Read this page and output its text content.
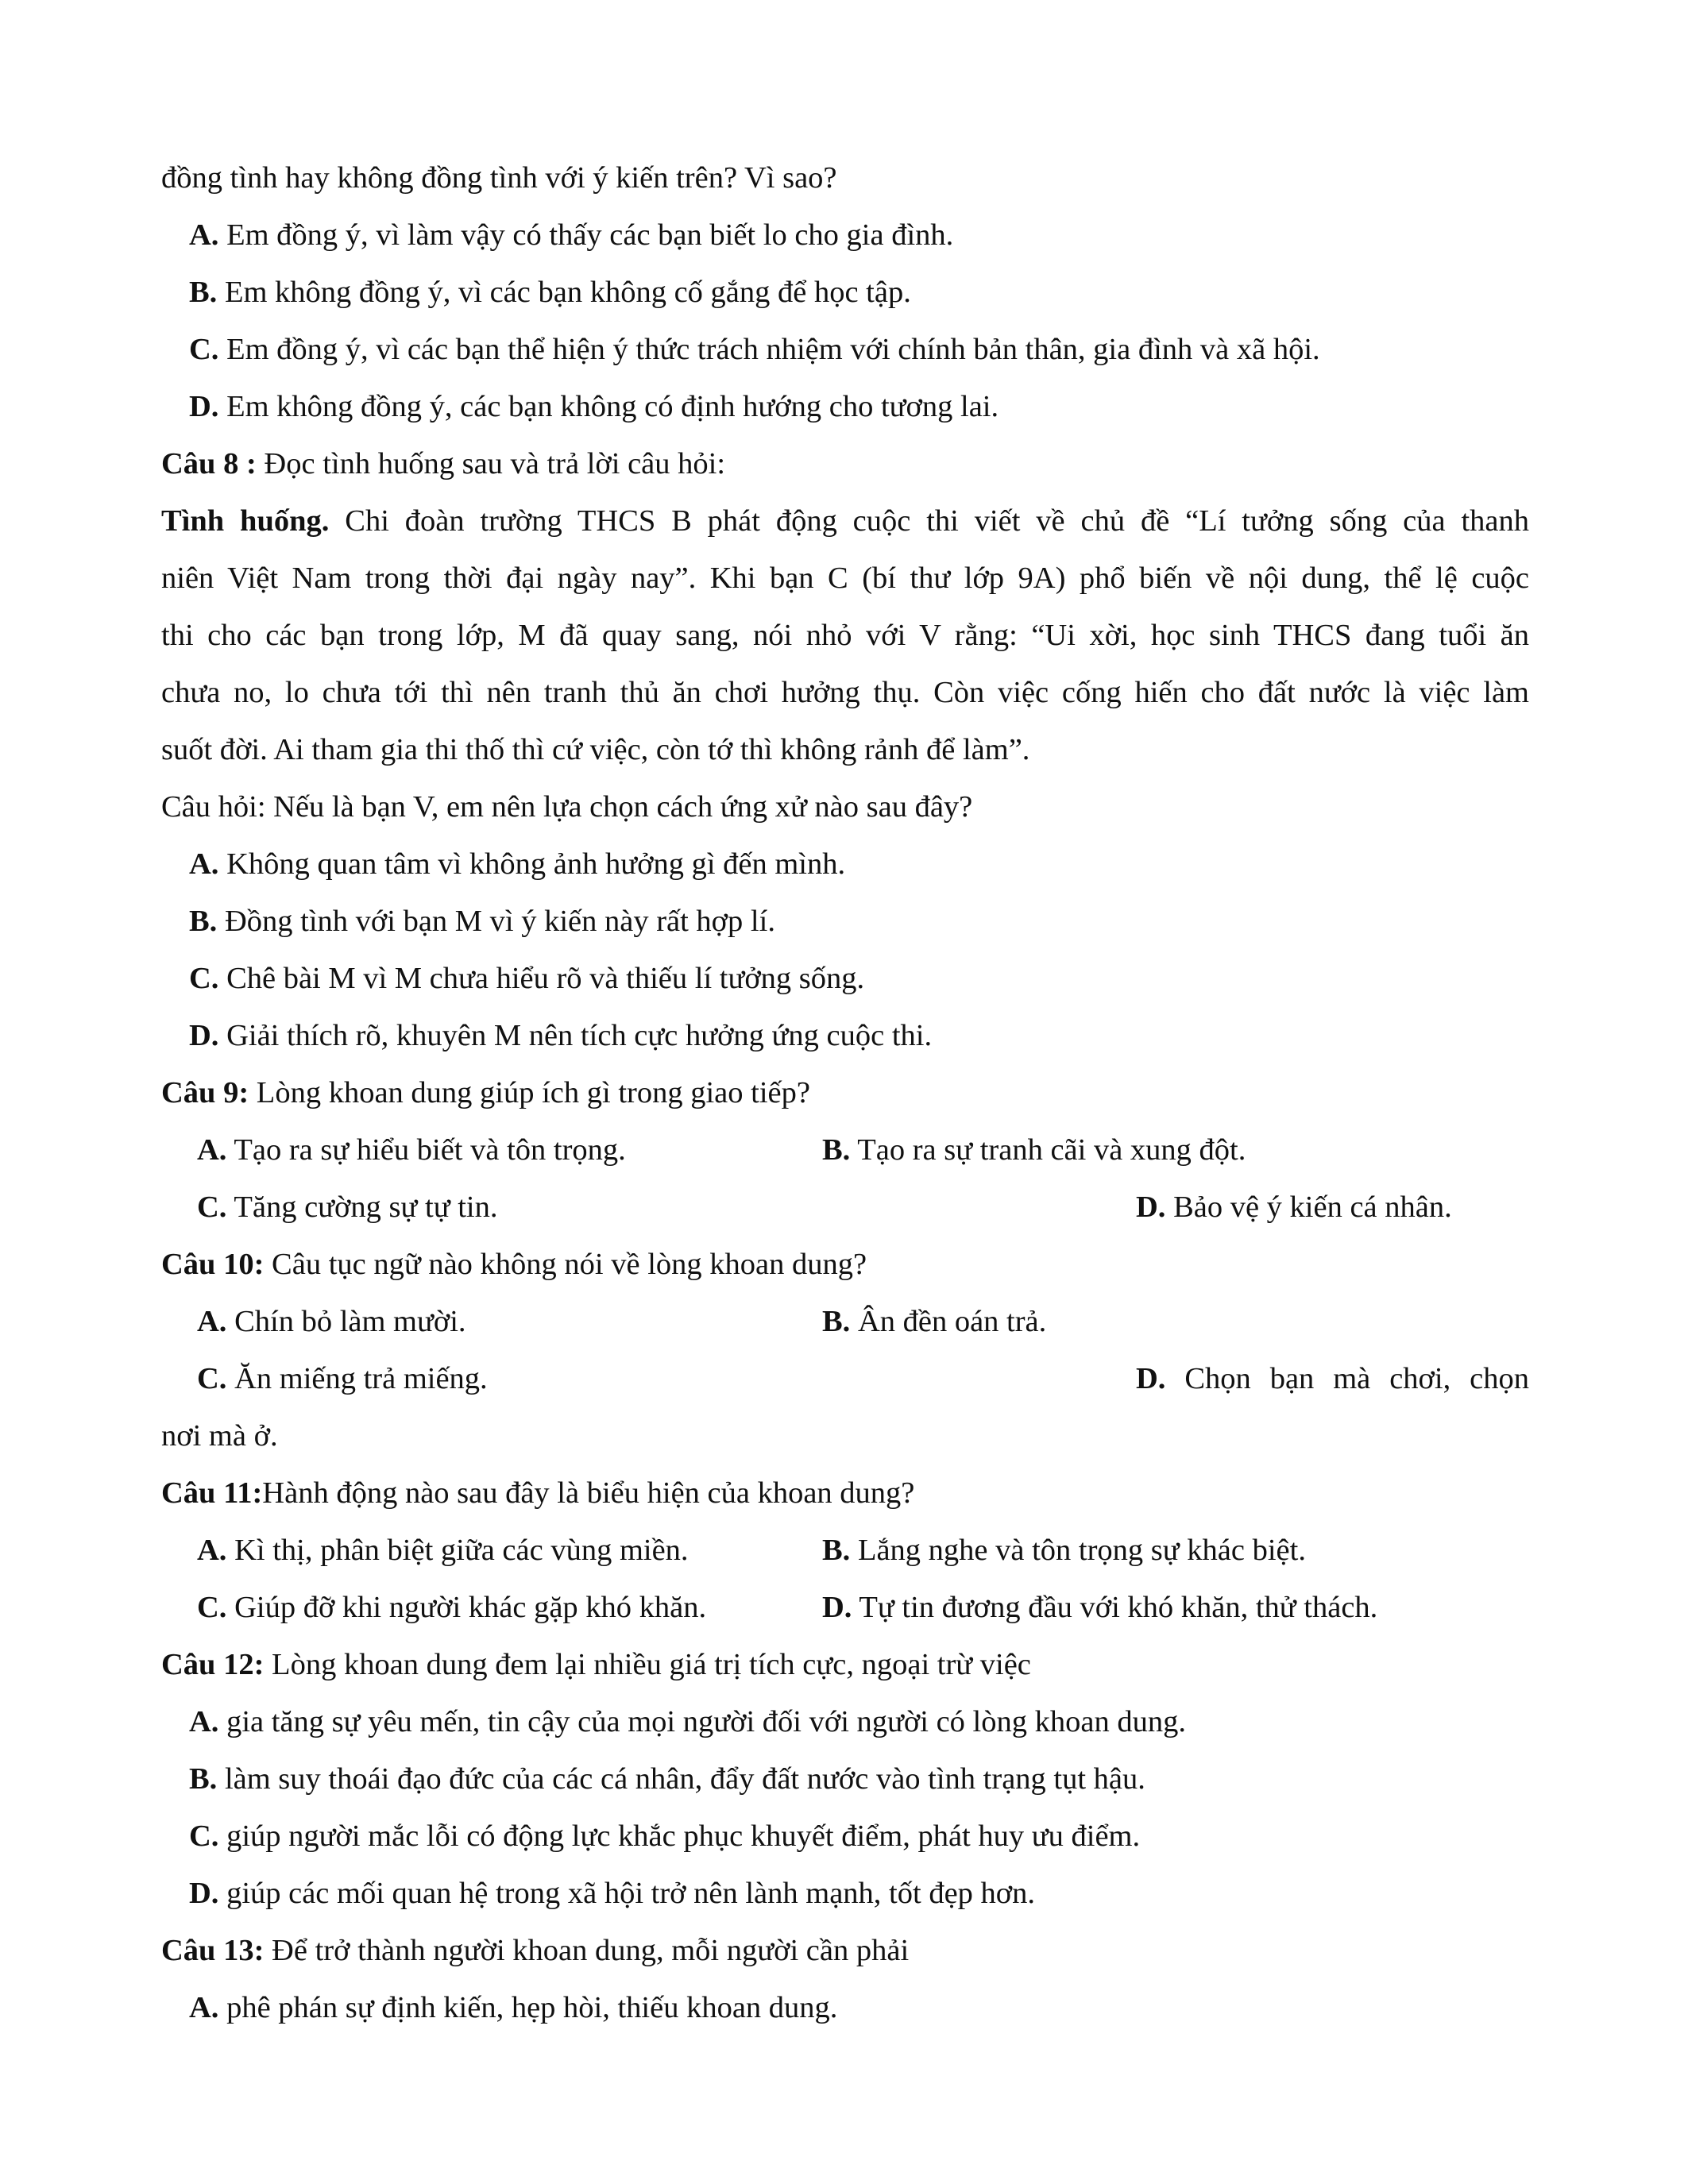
đồng tình hay không đồng tình với ý kiến trên? Vì sao?
A. Em đồng ý, vì làm vậy có thấy các bạn biết lo cho gia đình.
B. Em không đồng ý, vì các bạn không cố gắng để học tập.
C. Em đồng ý, vì các bạn thể hiện ý thức trách nhiệm với chính bản thân, gia đình và xã hội.
D. Em không đồng ý, các bạn không có định hướng cho tương lai.
Câu 8 : Đọc tình huống sau và trả lời câu hỏi:
Tình huống. Chi đoàn trường THCS B phát động cuộc thi viết về chủ đề “Lí tưởng sống của thanh
niên Việt Nam trong thời đại ngày nay”. Khi bạn C (bí thư lớp 9A) phổ biến về nội dung, thể lệ cuộc
thi cho các bạn trong lớp, M đã quay sang, nói nhỏ với V rằng: “Ui xời, học sinh THCS đang tuổi ăn
chưa no, lo chưa tới thì nên tranh thủ ăn chơi hưởng thụ. Còn việc cống hiến cho đất nước là việc làm
suốt đời. Ai tham gia thi thố thì cứ việc, còn tớ thì không rảnh để làm”.
Câu hỏi: Nếu là bạn V, em nên lựa chọn cách ứng xử nào sau đây?
A. Không quan tâm vì không ảnh hưởng gì đến mình.
B. Đồng tình với bạn M vì ý kiến này rất hợp lí.
C. Chê bài M vì M chưa hiểu rõ và thiếu lí tưởng sống.
D. Giải thích rõ, khuyên M nên tích cực hưởng ứng cuộc thi.
Câu 9: Lòng khoan dung giúp ích gì trong giao tiếp?
A. Tạo ra sự hiểu biết và tôn trọng.	B. Tạo ra sự tranh cãi và xung đột.
C. Tăng cường sự tự tin.	D. Bảo vệ ý kiến cá nhân.
Câu 10: Câu tục ngữ nào không nói về lòng khoan dung?
A. Chín bỏ làm mười.	B. Ân đền oán trả.
C. Ăn miếng trả miếng.	D. Chọn bạn mà chơi, chọn
nơi mà ở.
Câu 11:Hành động nào sau đây là biểu hiện của khoan dung?
A. Kì thị, phân biệt giữa các vùng miền.	B. Lắng nghe và tôn trọng sự khác biệt.
C. Giúp đỡ khi người khác gặp khó khăn.	D. Tự tin đương đầu với khó khăn, thử thách.
Câu 12: Lòng khoan dung đem lại nhiều giá trị tích cực, ngoại trừ việc
A. gia tăng sự yêu mến, tin cậy của mọi người đối với người có lòng khoan dung.
B. làm suy thoái đạo đức của các cá nhân, đẩy đất nước vào tình trạng tụt hậu.
C. giúp người mắc lỗi có động lực khắc phục khuyết điểm, phát huy ưu điểm.
D. giúp các mối quan hệ trong xã hội trở nên lành mạnh, tốt đẹp hơn.
Câu 13: Để trở thành người khoan dung, mỗi người cần phải
A. phê phán sự định kiến, hẹp hòi, thiếu khoan dung.
